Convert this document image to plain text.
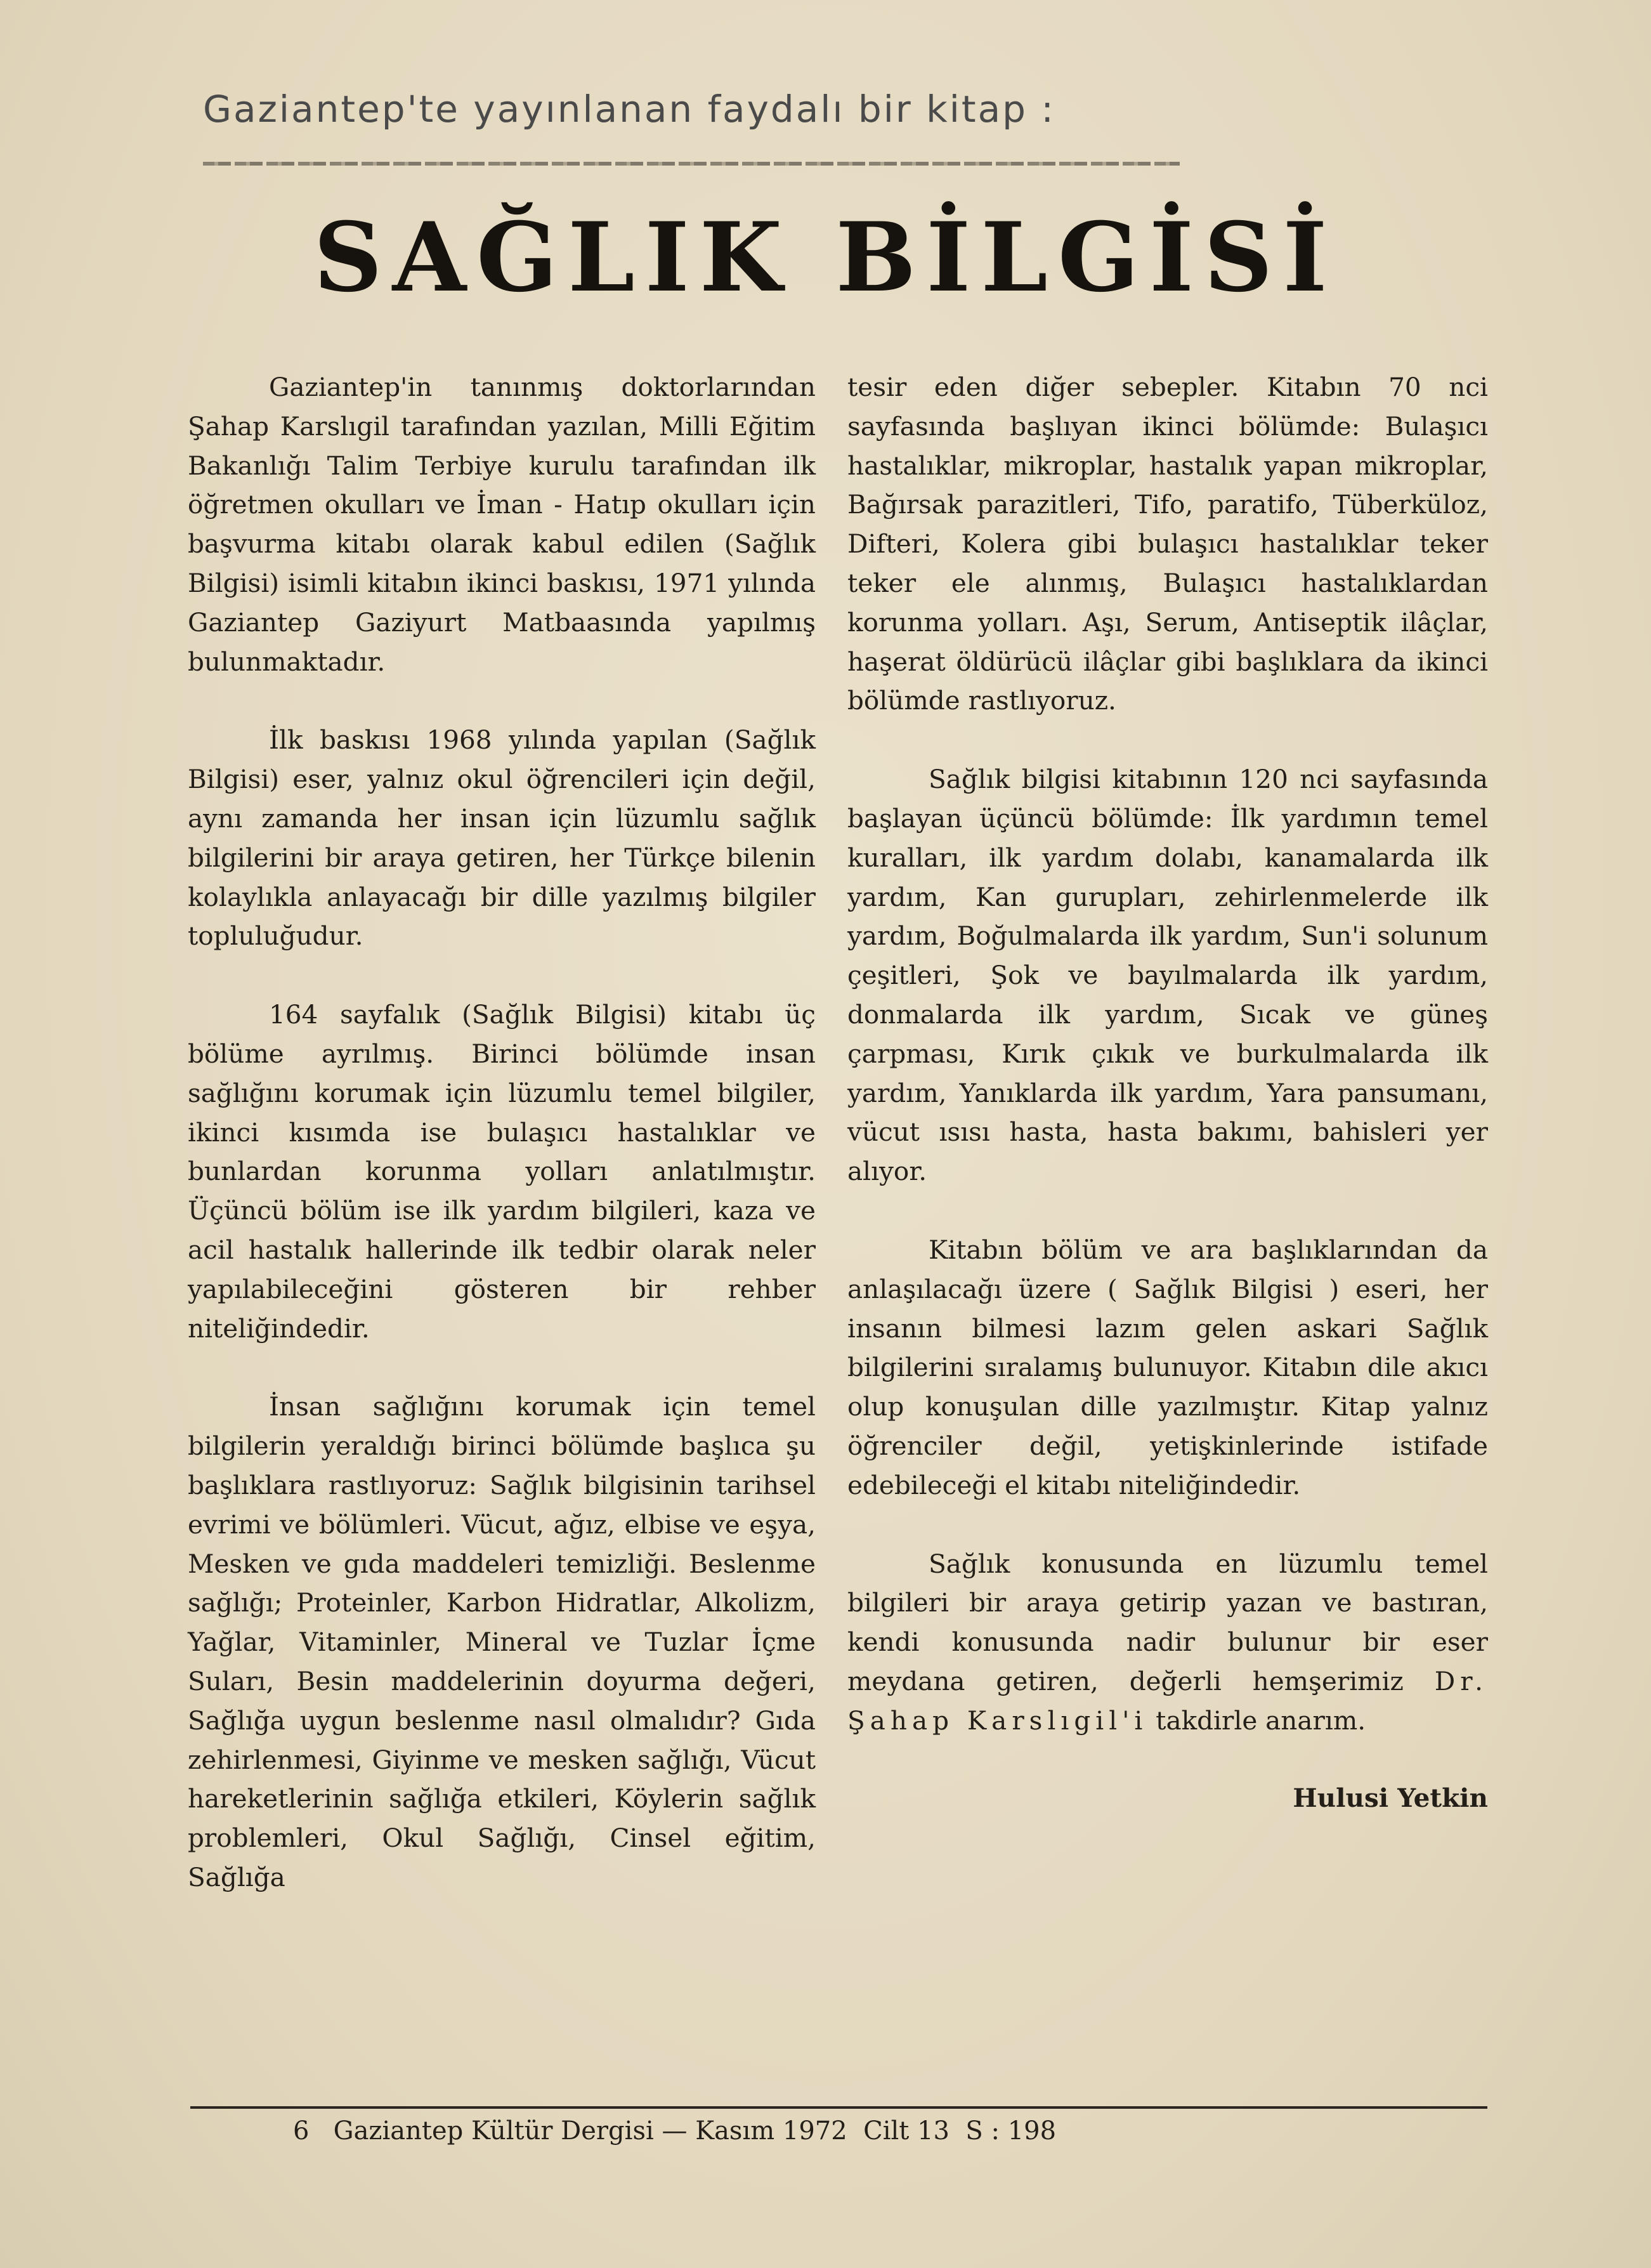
Gaziantep'te yayınlanan faydalı bir kitap :
SAĞLIK BİLGİSİ

Gaziantep'in tanınmış doktorlarından Şahap Karslıgil tarafından yazılan, Milli Eğitim Bakanlığı Talim Terbiye kurulu tarafından ilk öğretmen okulları ve İman - Hatıp okulları için başvurma kitabı olarak kabul edilen (Sağlık Bilgisi) isimli kitabın ikinci baskısı, 1971 yılında Gaziantep Gaziyurt Matbaasında yapılmış bulunmaktadır.

İlk baskısı 1968 yılında yapılan (Sağlık Bilgisi) eser, yalnız okul öğrencileri için değil, aynı zamanda her insan için lüzumlu sağlık bilgilerini bir araya getiren, her Türkçe bilenin kolaylıkla anlayacağı bir dille yazılmış bilgiler topluluğudur.

164 sayfalık (Sağlık Bilgisi) kitabı üç bölüme ayrılmış. Birinci bölümde insan sağlığını korumak için lüzumlu temel bilgiler, ikinci kısımda ise bulaşıcı hastalıklar ve bunlardan korunma yolları anlatılmıştır. Üçüncü bölüm ise ilk yardım bilgileri, kaza ve acil hastalık hallerinde ilk tedbir olarak neler yapılabileceğini gösteren bir rehber niteliğindedir.

İnsan sağlığını korumak için temel bilgilerin yeraldığı birinci bölümde başlıca şu başlıklara rastlıyoruz: Sağlık bilgisinin tarihsel evrimi ve bölümleri. Vücut, ağız, elbise ve eşya, Mesken ve gıda maddeleri temizliği. Beslenme sağlığı; Proteinler, Karbon Hidratlar, Alkolizm, Yağlar, Vitaminler, Mineral ve Tuzlar İçme Suları, Besin maddelerinin doyurma değeri, Sağlığa uygun beslenme nasıl olmalıdır? Gıda zehirlenmesi, Giyinme ve mesken sağlığı, Vücut hareketlerinin sağlığa etkileri, Köylerin sağlık problemleri, Okul Sağlığı, Cinsel eğitim, Sağlığa

tesir eden diğer sebepler. Kitabın 70 nci sayfasında başlıyan ikinci bölümde: Bulaşıcı hastalıklar, mikroplar, hastalık yapan mikroplar, Bağırsak parazitleri, Tifo, paratifo, Tüberküloz, Difteri, Kolera gibi bulaşıcı hastalıklar teker teker ele alınmış, Bulaşıcı hastalıklardan korunma yolları. Aşı, Serum, Antiseptik ilâçlar, haşerat öldürücü ilâçlar gibi başlıklara da ikinci bölümde rastlıyoruz.

Sağlık bilgisi kitabının 120 nci sayfasında başlayan üçüncü bölümde: İlk yardımın temel kuralları, ilk yardım dolabı, kanamalarda ilk yardım, Kan gurupları, zehirlenmelerde ilk yardım, Boğulmalarda ilk yardım, Sun'i solunum çeşitleri, Şok ve bayılmalarda ilk yardım, donmalarda ilk yardım, Sıcak ve güneş çarpması, Kırık çıkık ve burkulmalarda ilk yardım, Yanıklarda ilk yardım, Yara pansumanı, vücut ısısı hasta, hasta bakımı, bahisleri yer alıyor.

Kitabın bölüm ve ara başlıklarından da anlaşılacağı üzere ( Sağlık Bilgisi ) eseri, her insanın bilmesi lazım gelen askari Sağlık bilgilerini sıralamış bulunuyor. Kitabın dile akıcı olup konuşulan dille yazılmıştır. Kitap yalnız öğrenciler değil, yetişkinlerinde istifade edebileceği el kitabı niteliğindedir.

Sağlık konusunda en lüzumlu temel bilgileri bir araya getirip yazan ve bastıran, kendi konusunda nadir bulunur bir eser meydana getiren, değerli hemşerimiz Dr. Şahap Karslıgil'i takdirle anarım.

Hulusi Yetkin

6 Gaziantep Kültür Dergisi — Kasım 1972  Cilt 13  S : 198
